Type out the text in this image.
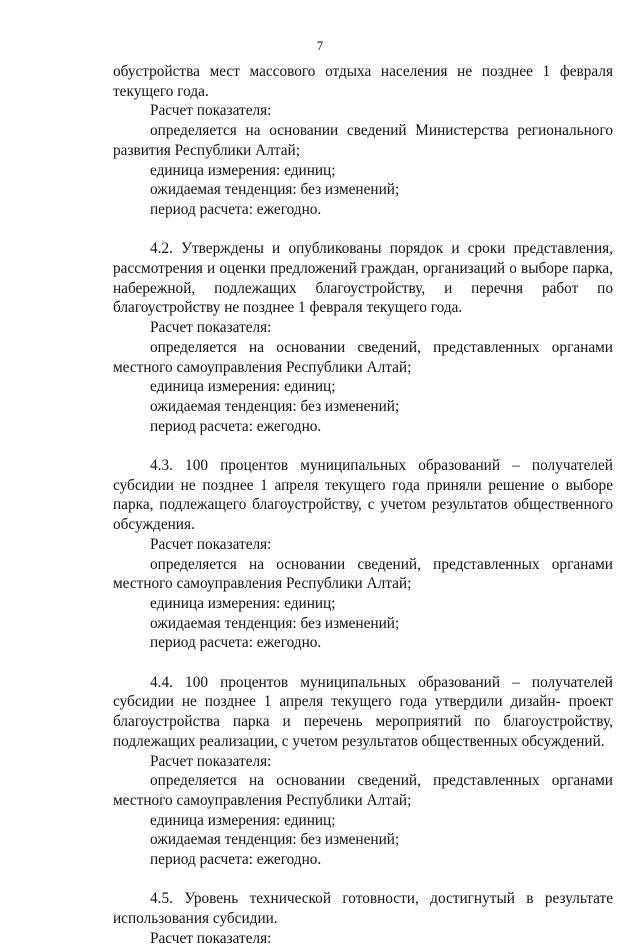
7

обустройства мест массового отдыха населения не позднее 1 февраля текущего года.

Расчет показателя:

определяется на основании сведений Министерства регионального развития Республики Алтай;

единица измерения: единиц;

ожидаемая тенденция: без изменений;

период расчета: ежегодно.

4.2. Утверждены и опубликованы порядок и сроки представления, рассмотрения и оценки предложений граждан, организаций о выборе парка, набережной, подлежащих благоустройству, и перечня работ по благоустройству не позднее 1 февраля текущего года.

Расчет показателя:

определяется на основании сведений, представленных органами местного самоуправления Республики Алтай;

единица измерения: единиц;

ожидаемая тенденция: без изменений;

период расчета: ежегодно.

4.3. 100 процентов муниципальных образований – получателей субсидии не позднее 1 апреля текущего года приняли решение о выборе парка, подлежащего благоустройству, с учетом результатов общественного обсуждения.

Расчет показателя:

определяется на основании сведений, представленных органами местного самоуправления Республики Алтай;

единица измерения: единиц;

ожидаемая тенденция: без изменений;

период расчета: ежегодно.

4.4. 100 процентов муниципальных образований – получателей субсидии не позднее 1 апреля текущего года утвердили дизайн- проект благоустройства парка и перечень мероприятий по благоустройству, подлежащих реализации, с учетом результатов общественных обсуждений.

Расчет показателя:

определяется на основании сведений, представленных органами местного самоуправления Республики Алтай;

единица измерения: единиц;

ожидаемая тенденция: без изменений;

период расчета: ежегодно.

4.5. Уровень технической готовности, достигнутый в результате использования субсидии.

Расчет показателя:
